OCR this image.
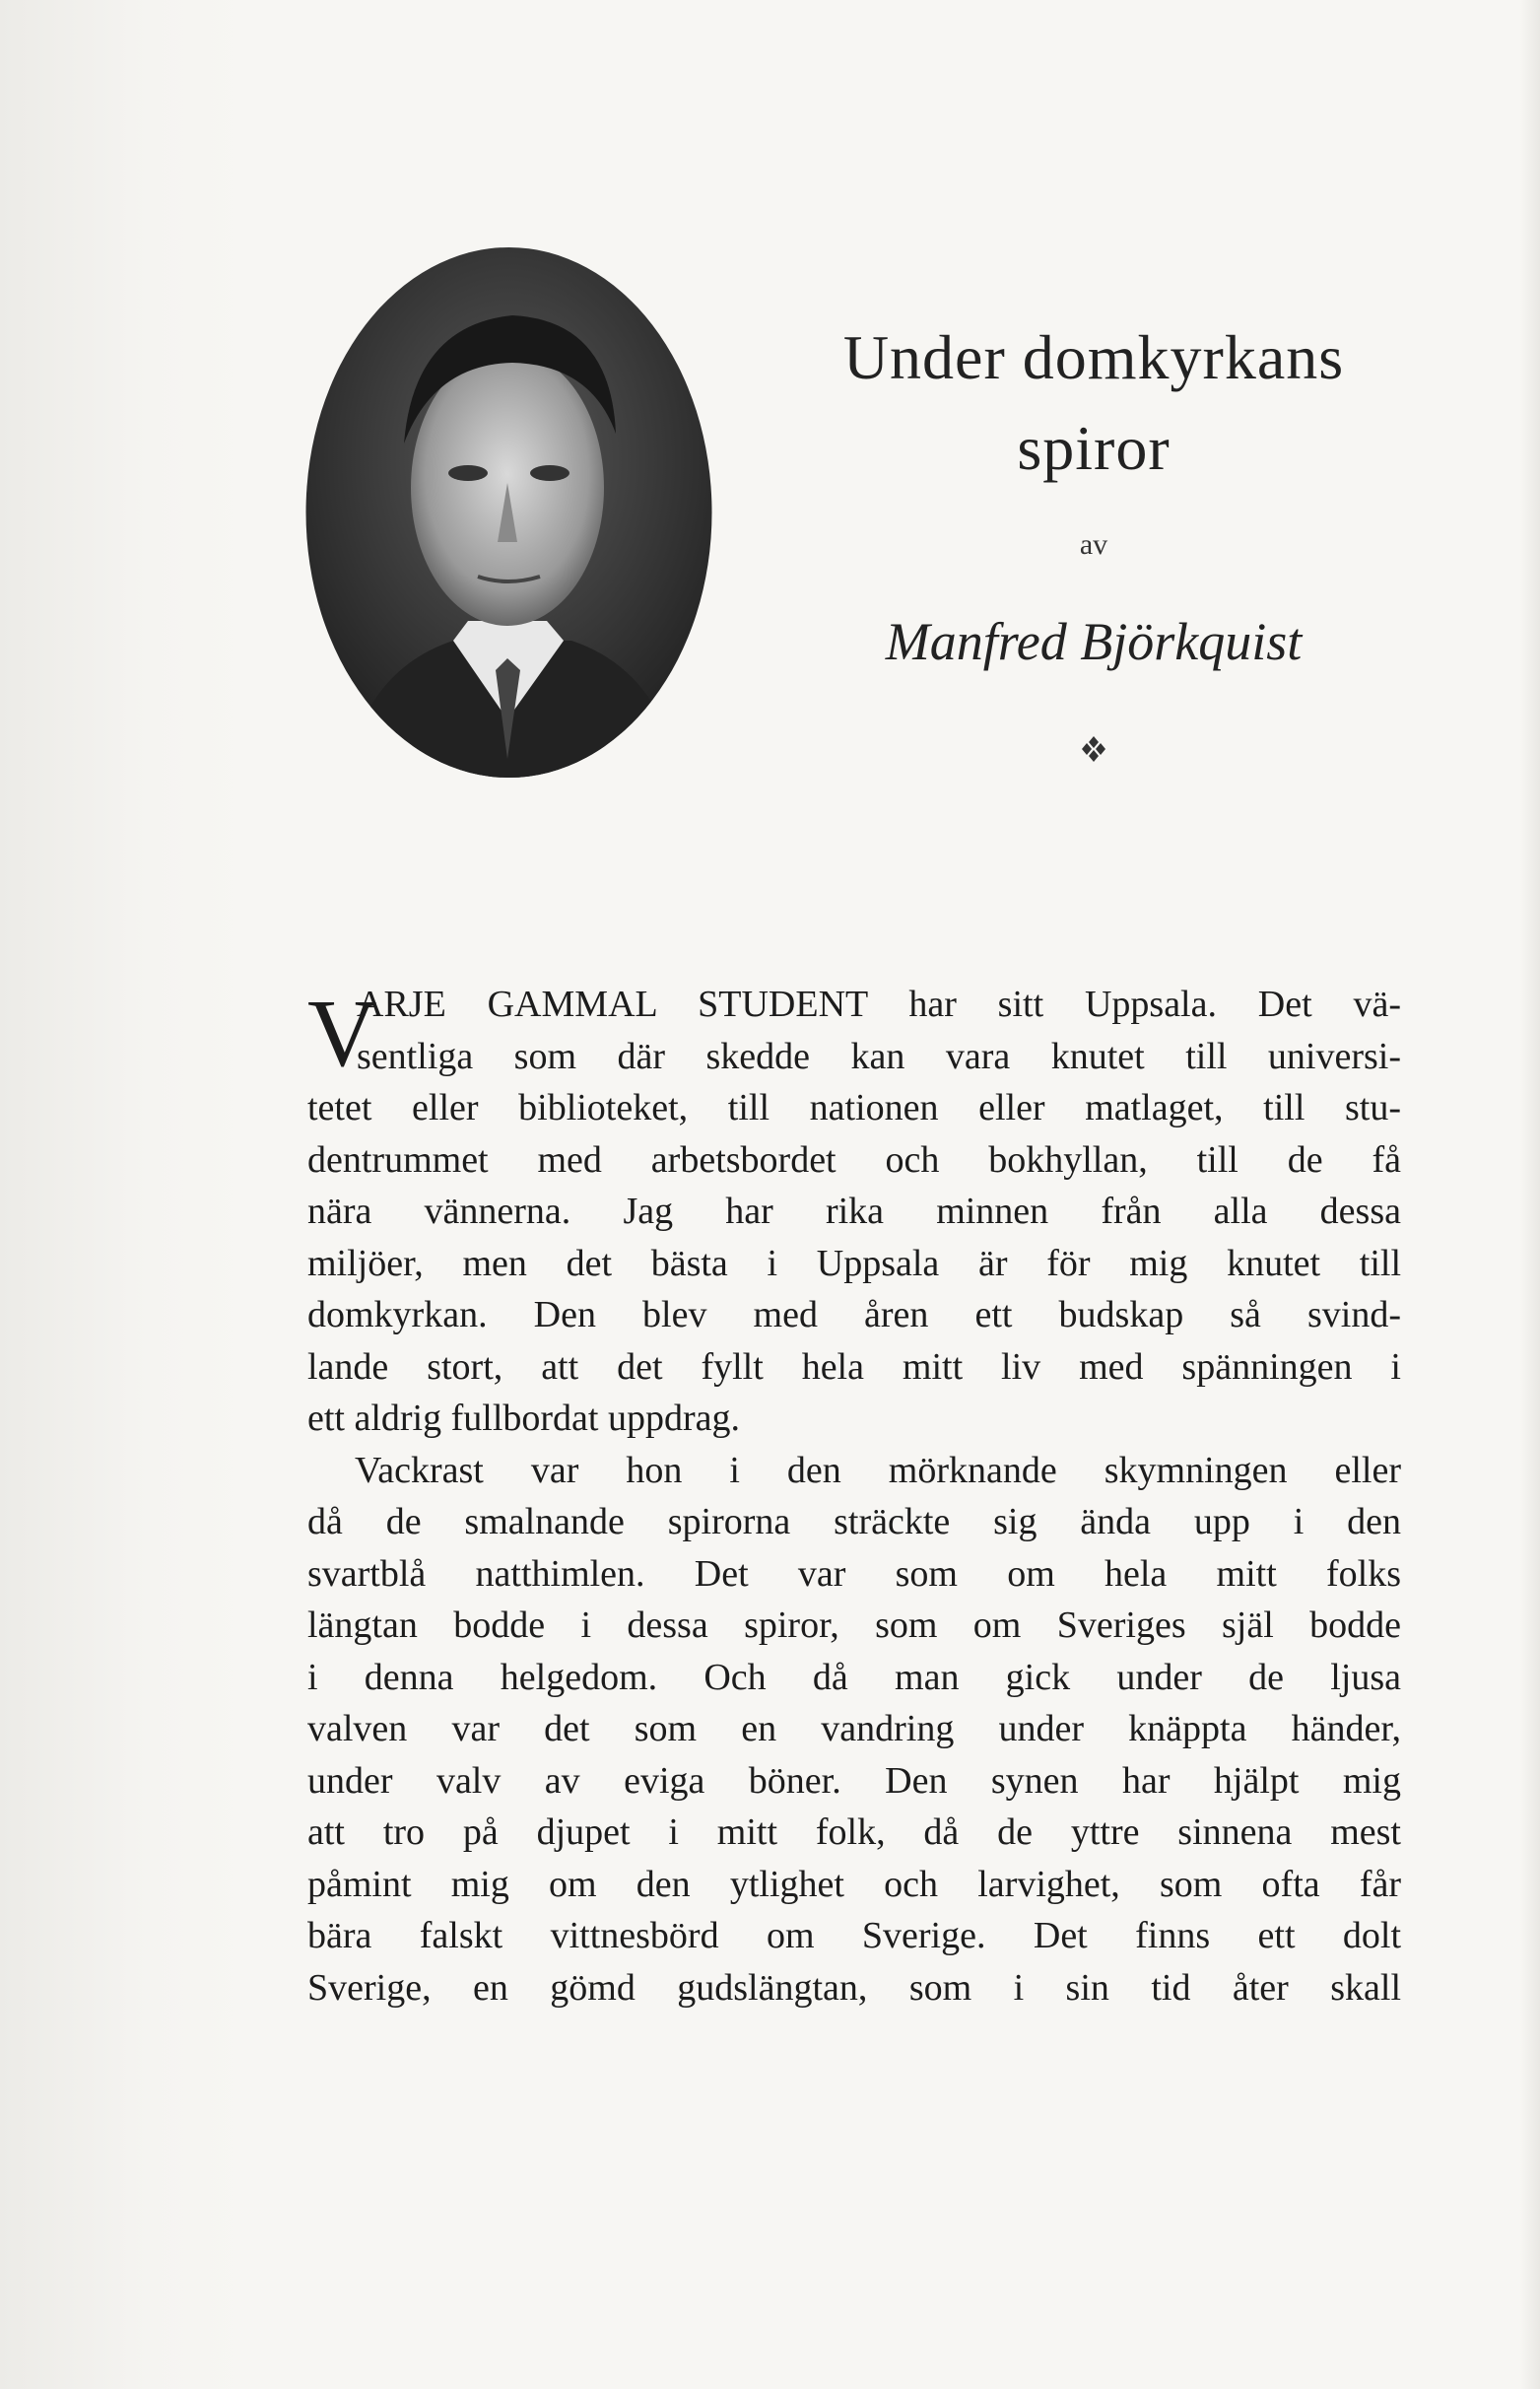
Under domkyrkans
spiror
av
Manfred Björkquist
V
ARJE GAMMAL STUDENT har sitt Uppsala. Det vä-
sentliga som där skedde kan vara knutet till universi-
tetet eller biblioteket, till nationen eller matlaget, till stu-
dentrummet med arbetsbordet och bokhyllan, till de få
nära vännerna. Jag har rika minnen från alla dessa
miljöer, men det bästa i Uppsala är för mig knutet till
domkyrkan. Den blev med åren ett budskap så svind-
lande stort, att det fyllt hela mitt liv med spänningen i
ett aldrig fullbordat uppdrag.
Vackrast var hon i den mörknande skymningen eller
då de smalnande spirorna sträckte sig ända upp i den
svartblå natthimlen. Det var som om hela mitt folks
längtan bodde i dessa spiror, som om Sveriges själ bodde
i denna helgedom. Och då man gick under de ljusa
valven var det som en vandring under knäppta händer,
under valv av eviga böner. Den synen har hjälpt mig
att tro på djupet i mitt folk, då de yttre sinnena mest
påmint mig om den ytlighet och larvighet, som ofta får
bära falskt vittnesbörd om Sverige. Det finns ett dolt
Sverige, en gömd gudslängtan, som i sin tid åter skall
